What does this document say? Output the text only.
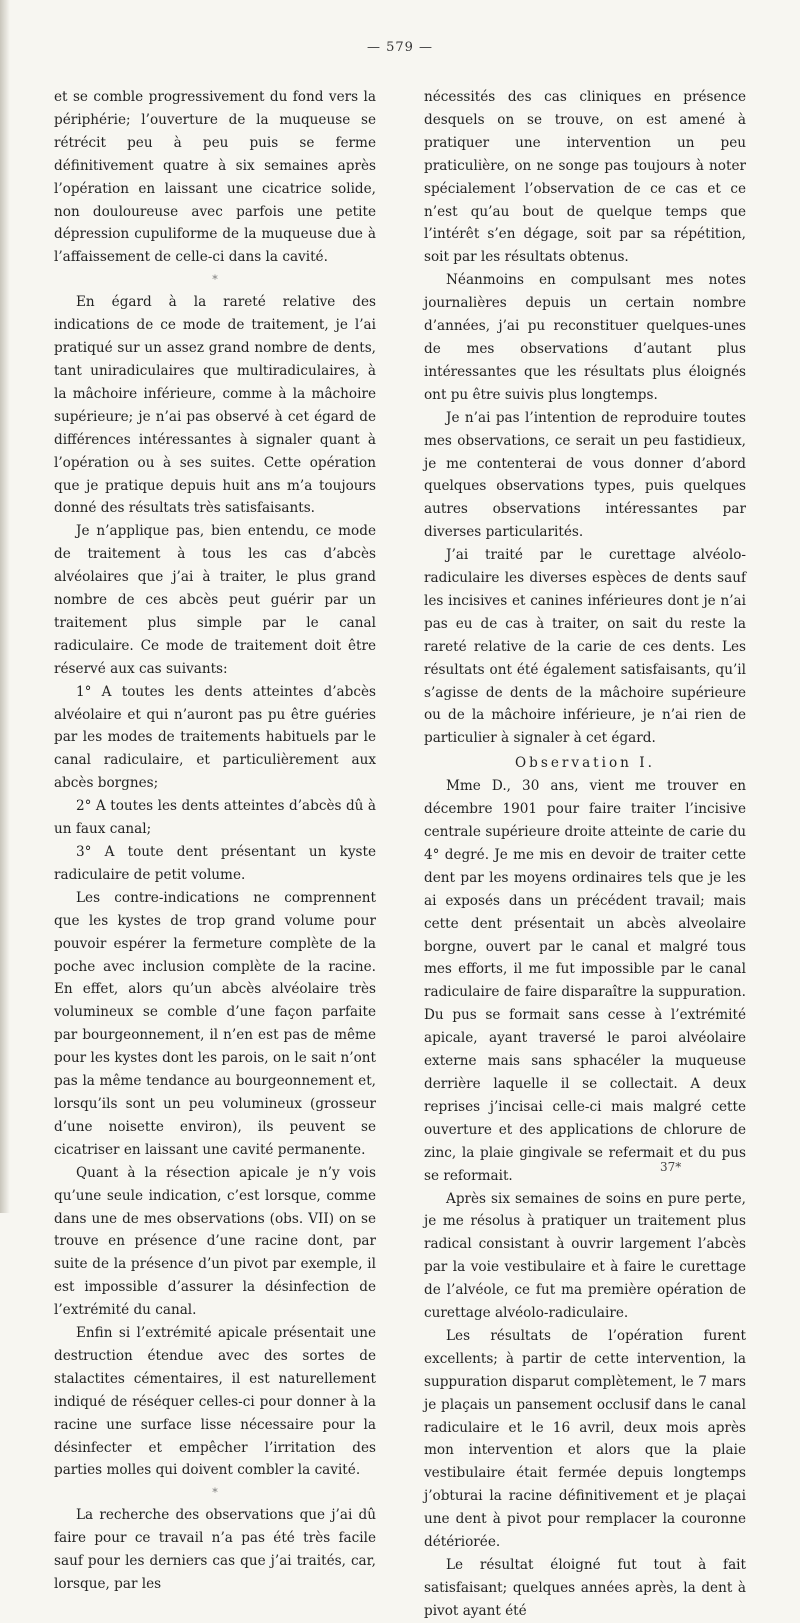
— 579 —

et se comble progressivement du fond vers la périphérie; l’ouverture de la muqueuse se rétrécit peu à peu puis se ferme définitivement quatre à six semaines après l’opération en laissant une cicatrice solide, non douloureuse avec parfois une petite dépression cupuliforme de la muqueuse due à l’affaissement de celle-ci dans la cavité.

*

En égard à la rareté relative des indications de ce mode de traitement, je l’ai pratiqué sur un assez grand nombre de dents, tant uniradiculaires que multiradiculaires, à la mâchoire inférieure, comme à la mâchoire supérieure; je n’ai pas observé à cet égard de différences intéressantes à signaler quant à l’opération ou à ses suites. Cette opération que je pratique depuis huit ans m’a toujours donné des résultats très satisfaisants.

Je n’applique pas, bien entendu, ce mode de traitement à tous les cas d’abcès alvéolaires que j’ai à traiter, le plus grand nombre de ces abcès peut guérir par un traitement plus simple par le canal radiculaire. Ce mode de traitement doit être réservé aux cas suivants:

1° A toutes les dents atteintes d’abcès alvéolaire et qui n’auront pas pu être guéries par les modes de traitements habituels par le canal radiculaire, et particulièrement aux abcès borgnes;

2° A toutes les dents atteintes d’abcès dû à un faux canal;

3° A toute dent présentant un kyste radiculaire de petit volume.

Les contre-indications ne comprennent que les kystes de trop grand volume pour pouvoir espérer la fermeture complète de la poche avec inclusion complète de la racine. En effet, alors qu’un abcès alvéolaire très volumineux se comble d’une façon parfaite par bourgeonnement, il n’en est pas de même pour les kystes dont les parois, on le sait n’ont pas la même tendance au bourgeonnement et, lorsqu’ils sont un peu volumineux (grosseur d’une noisette environ), ils peuvent se cicatriser en laissant une cavité permanente.

Quant à la résection apicale je n’y vois qu’une seule indication, c’est lorsque, comme dans une de mes observations (obs. VII) on se trouve en présence d’une racine dont, par suite de la présence d’un pivot par exemple, il est impossible d’assurer la désinfection de l’extrémité du canal.

Enfin si l’extrémité apicale présentait une destruction étendue avec des sortes de stalactites cémentaires, il est naturellement indiqué de réséquer celles-ci pour donner à la racine une surface lisse nécessaire pour la désinfecter et empêcher l’irritation des parties molles qui doivent combler la cavité.

*

La recherche des observations que j’ai dû faire pour ce travail n’a pas été très facile sauf pour les derniers cas que j’ai traités, car, lorsque, par les

nécessités des cas cliniques en présence desquels on se trouve, on est amené à pratiquer une intervention un peu praticulière, on ne songe pas toujours à noter spécialement l’observation de ce cas et ce n’est qu’au bout de quelque temps que l’intérêt s’en dégage, soit par sa répétition, soit par les résultats obtenus.

Néanmoins en compulsant mes notes journalières depuis un certain nombre d’années, j’ai pu reconstituer quelques-unes de mes observations d’autant plus intéressantes que les résultats plus éloignés ont pu être suivis plus longtemps.

Je n’ai pas l’intention de reproduire toutes mes observations, ce serait un peu fastidieux, je me contenterai de vous donner d’abord quelques observations types, puis quelques autres observations intéressantes par diverses particularités.

J’ai traité par le curettage alvéolo-radiculaire les diverses espèces de dents sauf les incisives et canines inférieures dont je n’ai pas eu de cas à traiter, on sait du reste la rareté relative de la carie de ces dents. Les résultats ont été également satisfaisants, qu’il s’agisse de dents de la mâchoire supérieure ou de la mâchoire inférieure, je n’ai rien de particulier à signaler à cet égard.

Observation I.

Mme D., 30 ans, vient me trouver en décembre 1901 pour faire traiter l’incisive centrale supérieure droite atteinte de carie du 4° degré. Je me mis en devoir de traiter cette dent par les moyens ordinaires tels que je les ai exposés dans un précédent travail; mais cette dent présentait un abcès alveolaire borgne, ouvert par le canal et malgré tous mes efforts, il me fut impossible par le canal radiculaire de faire disparaître la suppuration. Du pus se formait sans cesse à l’extrémité apicale, ayant traversé le paroi alvéolaire externe mais sans sphacéler la muqueuse derrière laquelle il se collectait. A deux reprises j’incisai celle-ci mais malgré cette ouverture et des applications de chlorure de zinc, la plaie gingivale se refermait et du pus se reformait.

Après six semaines de soins en pure perte, je me résolus à pratiquer un traitement plus radical consistant à ouvrir largement l’abcès par la voie vestibulaire et à faire le curettage de l’alvéole, ce fut ma première opération de curettage alvéolo-radiculaire.

Les résultats de l’opération furent excellents; à partir de cette intervention, la suppuration disparut complètement, le 7 mars je plaçais un pansement occlusif dans le canal radiculaire et le 16 avril, deux mois après mon intervention et alors que la plaie vestibulaire était fermée depuis longtemps j’obturai la racine définitivement et je plaçai une dent à pivot pour remplacer la couronne détériorée.

Le résultat éloigné fut tout à fait satisfaisant; quelques années après, la dent à pivot ayant été

37*
